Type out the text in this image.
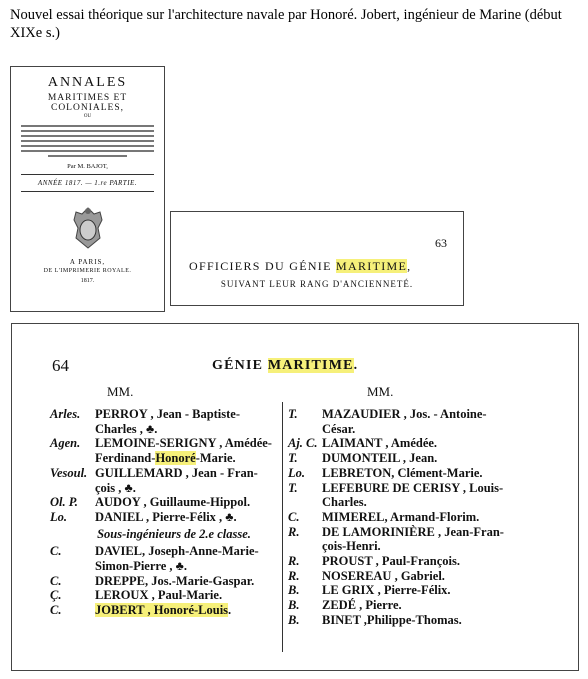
Nouvel essai théorique sur l'architecture navale par Honoré. Jobert, ingénieur de Marine (début XIXe s.)
ANNALES
MARITIMES ET COLONIALES,
OU
Par M. BAJOT,
ANNÉE 1817. — 1.re PARTIE.
A PARIS,
DE L'IMPRIMERIE ROYALE.
1817.
63
OFFICIERS DU GÉNIE MARITIME,
SUIVANT LEUR RANG D'ANCIENNETÉ.
64	GÉNIE MARITIME.
MM.	MM.
Arles.	PERROY , Jean - Baptiste-
Charles , ♣.
Agen.	LEMOINE-SERIGNY , Amédée-
Ferdinand-Honoré-Marie.
Vesoul. GUILLEMARD , Jean - Fran-
çois , ♣.
Ol. P.	AUDOY , Guillaume-Hippol.
Lo.	DANIEL , Pierre-Félix , ♣.
Sous-ingénieurs de 2.e classe.
C.	DAVIEL, Joseph-Anne-Marie-
Simon-Pierre , ♣.
C.	DREPPE, Jos.-Marie-Gaspar.
Ç.	LEROUX , Paul-Marie.
C.	JOBERT , Honoré-Louis.
T.	MAZAUDIER , Jos. - Antoine-
César.
Aj. C. LAIMANT , Amédée.
T.	DUMONTEIL , Jean.
Lo.	LEBRETON, Clément-Marie.
T.	LEFEBURE DE CERISY , Louis-
Charles.
C.	MIMEREL, Armand-Florim.
R.	DE LAMORINIÈRE , Jean-Fran-
çois-Henri.
R.	PROUST , Paul-François.
R.	NOSEREAU , Gabriel.
B.	LE GRIX , Pierre-Félix.
B.	ZEDÉ , Pierre.
B.	BINET ,Philippe-Thomas.
